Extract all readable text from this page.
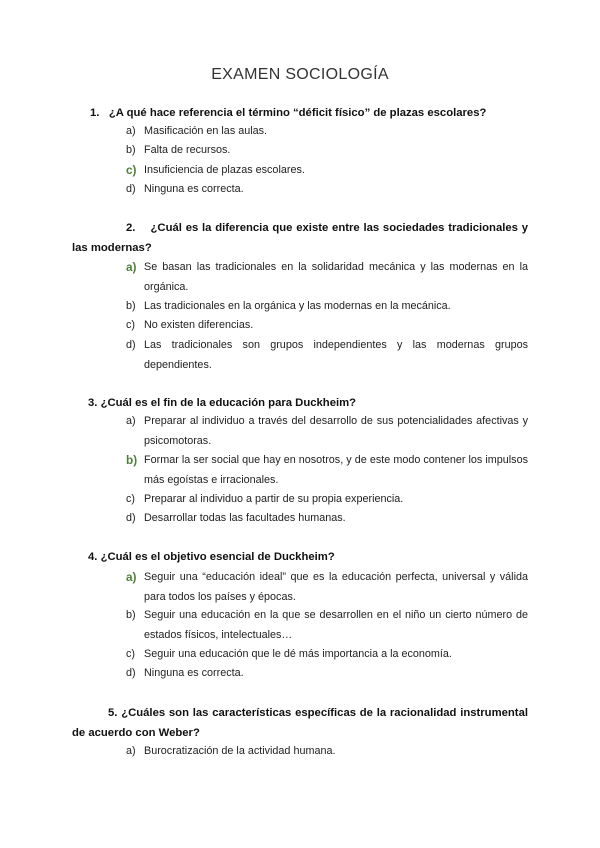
EXAMEN SOCIOLOGÍA
1. ¿A qué hace referencia el término “déficit físico” de plazas escolares?
a) Masificación en las aulas.
b) Falta de recursos.
c) Insuficiencia de plazas escolares.
d) Ninguna es correcta.
2. ¿Cuál es la diferencia que existe entre las sociedades tradicionales y las modernas?
a) Se basan las tradicionales en la solidaridad mecánica y las modernas en la orgánica.
b) Las tradicionales en la orgánica y las modernas en la mecánica.
c) No existen diferencias.
d) Las tradicionales son grupos independientes y las modernas grupos dependientes.
3. ¿Cuál es el fin de la educación para Duckheim?
a) Preparar al individuo a través del desarrollo de sus potencialidades afectivas y psicomotoras.
b) Formar la ser social que hay en nosotros, y de este modo contener los impulsos más egoístas e irracionales.
c) Preparar al individuo a partir de su propia experiencia.
d) Desarrollar todas las facultades humanas.
4. ¿Cuál es el objetivo esencial de Duckheim?
a) Seguir una “educación ideal” que es la educación perfecta, universal y válida para todos los países y épocas.
b) Seguir una educación en la que se desarrollen en el niño un cierto número de estados físicos, intelectuales…
c) Seguir una educación que le dé más importancia a la economía.
d) Ninguna es correcta.
5. ¿Cuáles son las características específicas de la racionalidad instrumental de acuerdo con Weber?
a) Burocratización de la actividad humana.
